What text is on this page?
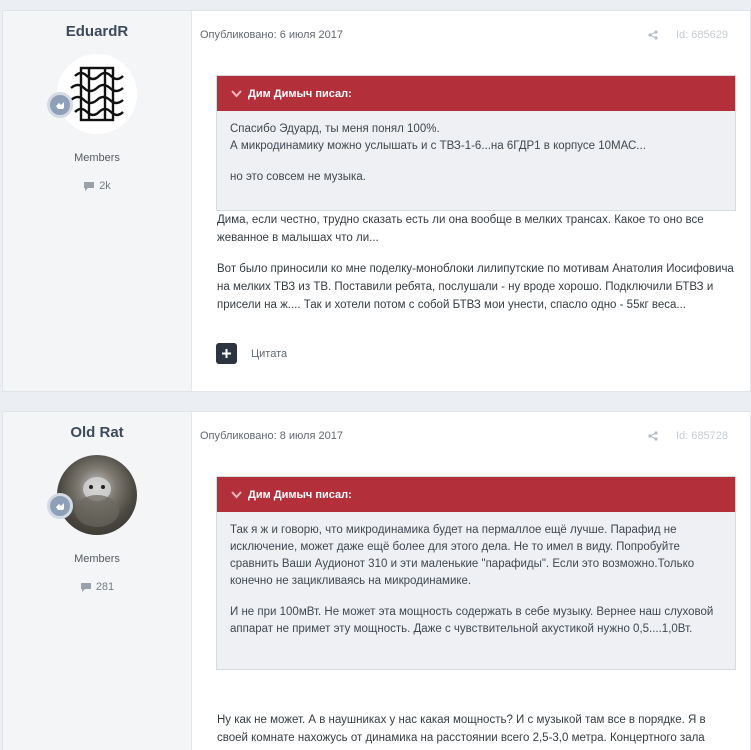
EduardR
Members
2k
Опубликовано: 6 июля 2017	Id: 685629
Дим Димыч писал:

Спасибо Эдуард, ты меня понял 100%.
А микродинамику можно услышать и с ТВЗ-1-6...на 6ГДР1 в корпусе 10МАС...

но это совсем не музыка.

Дима, если честно, трудно сказать есть ли она вообще в мелких трансах. Какое то оно все жеванное в малышах что ли...

Вот было приносили ко мне поделку-моноблоки лилипутские по мотивам Анатолия Иосифовича на мелких ТВЗ из ТВ. Поставили ребята, послушали - ну вроде хорошо. Подключили БТВЗ и присели на ж.... Так и хотели потом с собой БТВЗ мои унести, спасло одно - 55кг веса...

Цитата
Old Rat
Members
281
Опубликовано: 8 июля 2017	Id: 685728
Дим Димыч писал:

Так я ж и говорю, что микродинамика будет на пермаллое ещё лучше. Парафид не исключение, может даже ещё более для этого дела. Не то имел в виду. Попробуйте сравнить Ваши Аудионот 310 и эти маленькие "парафиды". Если это возможно.Только конечно не зацикливаясь на микродинамике.

И не при 100мВт. Не может эта мощность содержать в себе музыку. Вернее наш слуховой аппарат не примет эту мощность. Даже с чувствительной акустикой нужно 0,5....1,0Вт.

Ну как не может. А в наушниках у нас какая мощность? И с музыкой там все в порядке. Я в своей комнате нахожусь от динамика на расстоянии всего 2,5-3,0 метра. Концертного зала
